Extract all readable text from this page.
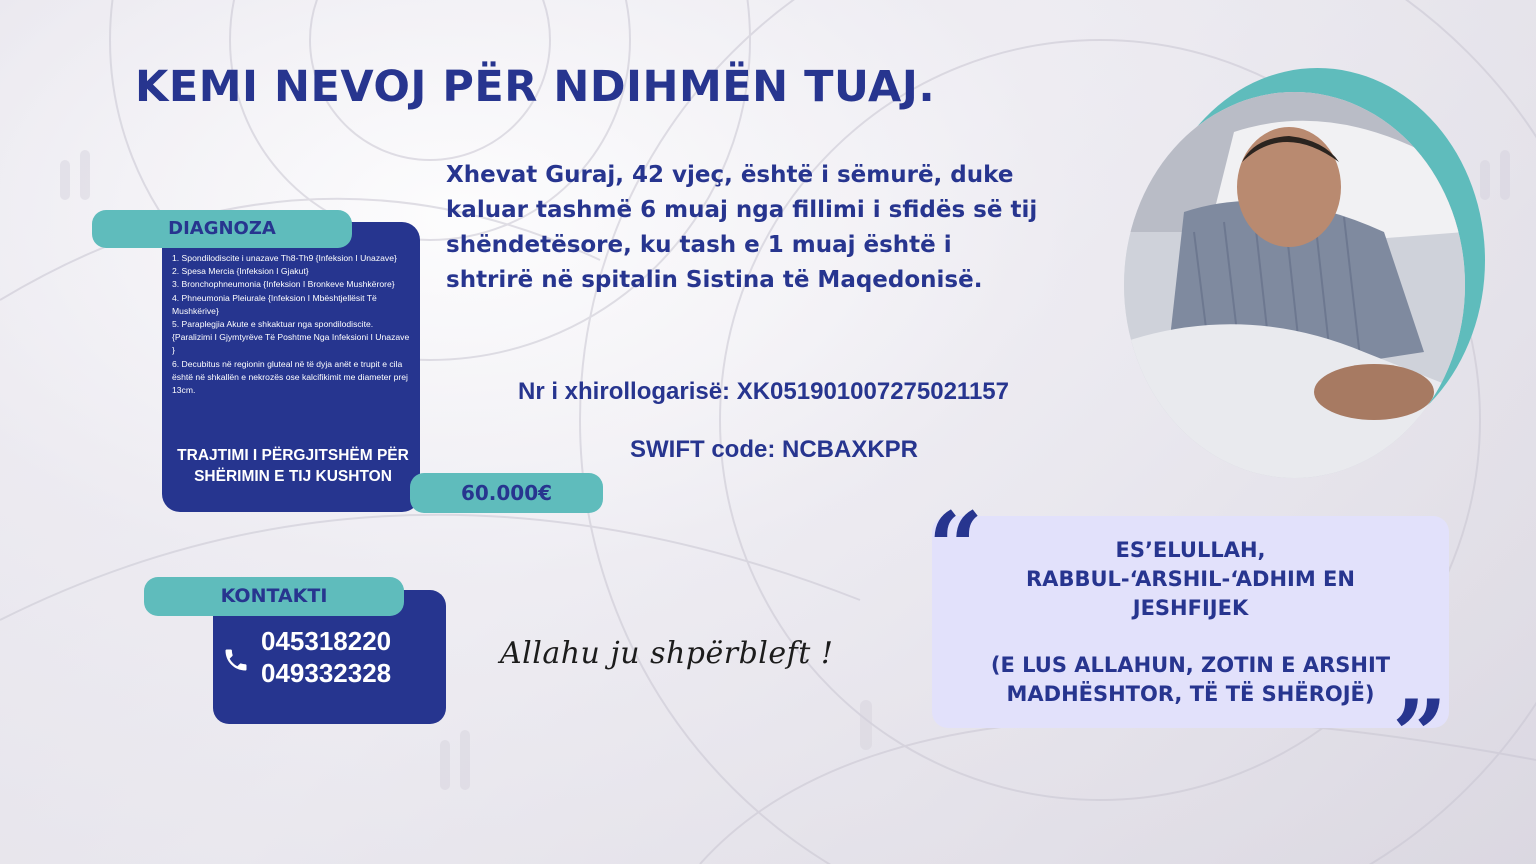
KEMI NEVOJ PËR NDIHMËN TUAJ.
Xhevat Guraj, 42 vjeç, është i sëmurë, duke kaluar tashmë 6 muaj nga fillimi i sfidës së tij shëndetësore, ku tash e 1 muaj është i shtrirë në spitalin Sistina të Maqedonisë.
Nr i xhirollogarisë: XK051901007275021157
SWIFT code: NCBAXKPR
1. Spondilodiscite i unazave Th8-Th9 {Infeksion I Unazave}
2. Spesa Mercia {Infeksion I Gjakut}
3. Bronchophneumonia {Infeksion I Bronkeve Mushkërore}
4. Phneumonia Pleiurale {Infeksion I Mbështjellësit Të Mushkërive}
5. Paraplegjia Akute e shkaktuar nga spondilodiscite. {Paralizimi I Gjymtyrëve Të Poshtme Nga Infeksioni I Unazave }
6. Decubitus në regionin gluteal në të dyja anët e trupit e cila është në shkallën e nekrozës ose kalcifikimit me diameter prej 13cm.
TRAJTIMI I PËRGJITSHËM PËR SHËRIMIN E TIJ KUSHTON
DIAGNOZA
60.000€
KONTAKTI
045318220
049332328
Allahu ju shpërbleft !
ES’ELULLAH,
RABBUL-‘ARSHIL-‘ADHIM EN
JESHFIJEK
(E LUS ALLAHUN, ZOTIN E ARSHIT
MADHËSHTOR, TË TË SHËROJË)
“
”
